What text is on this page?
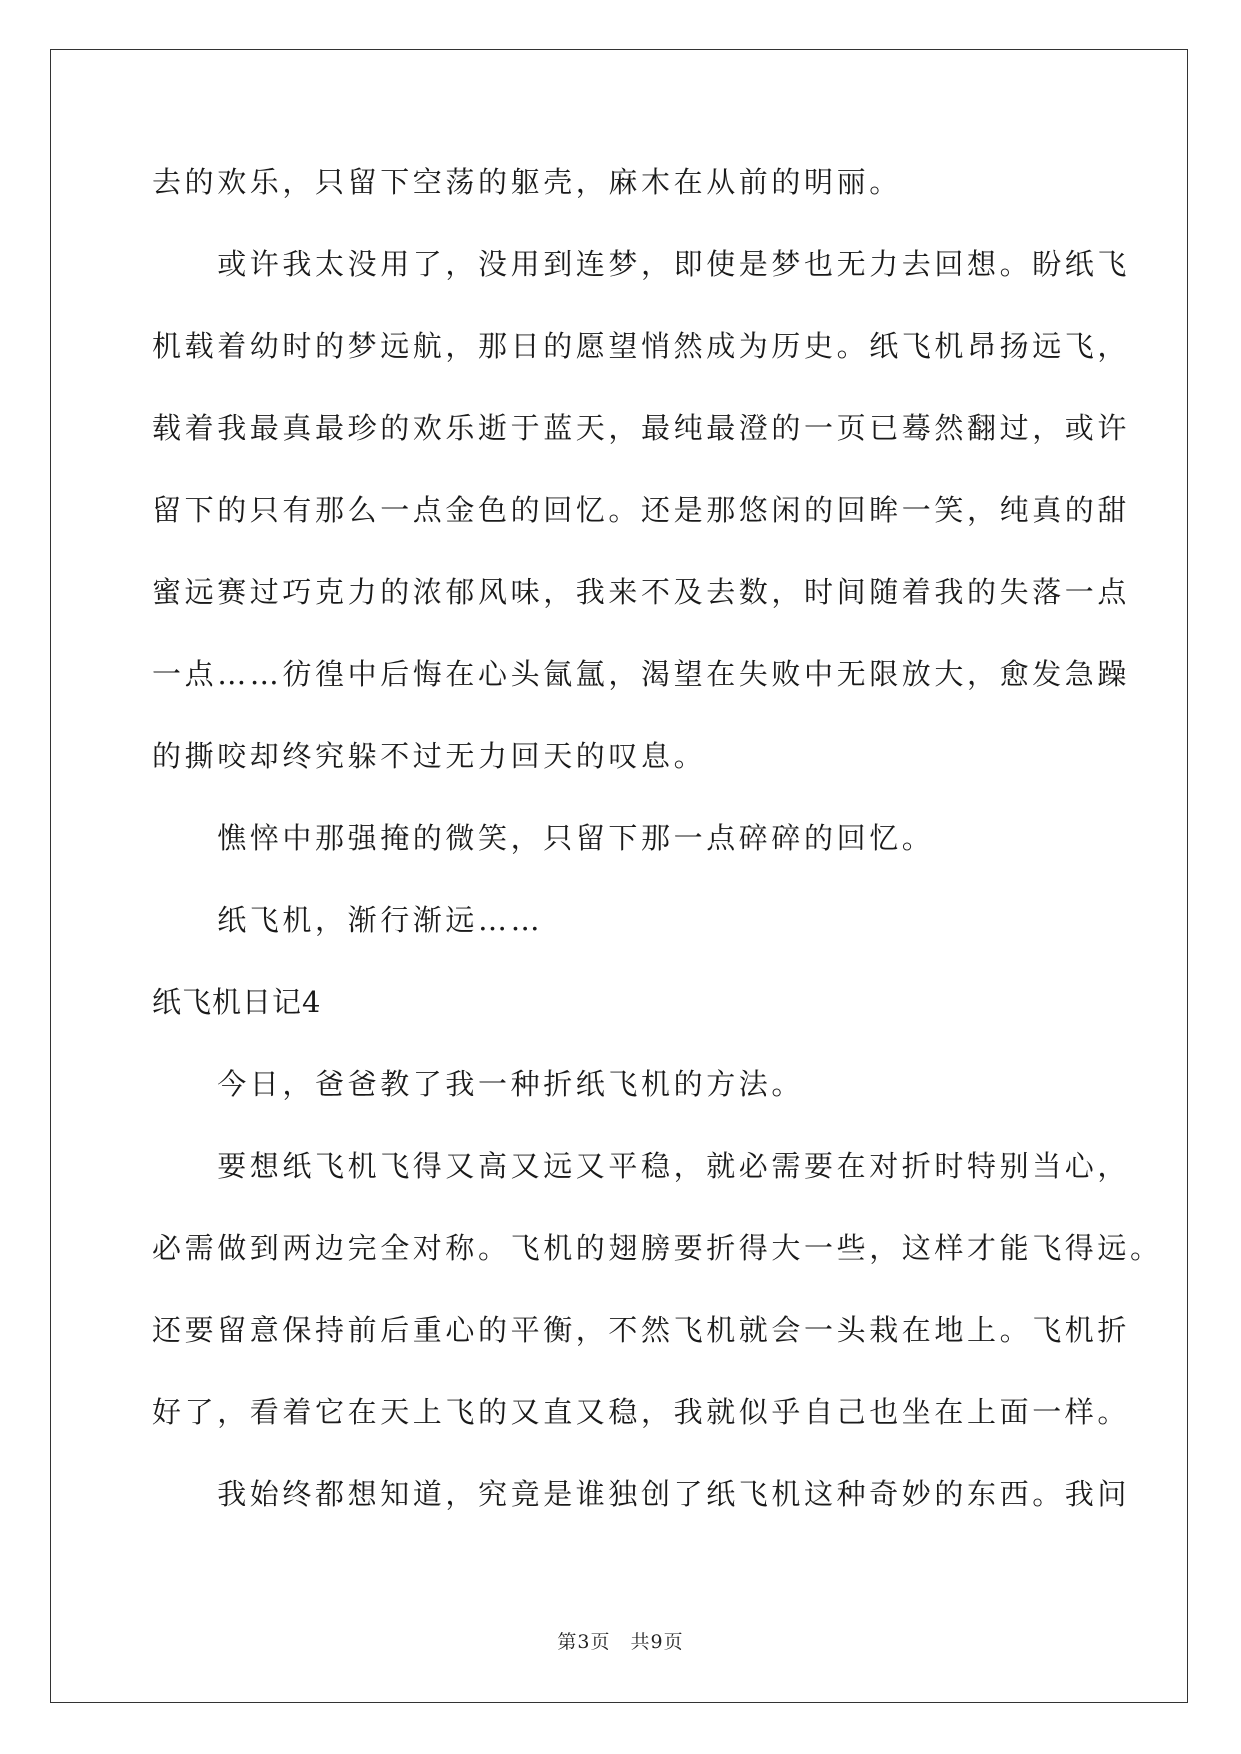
去的欢乐，只留下空荡的躯壳，麻木在从前的明丽。
　　或许我太没用了，没用到连梦，即使是梦也无力去回想。盼纸飞
机载着幼时的梦远航，那日的愿望悄然成为历史。纸飞机昂扬远飞，
载着我最真最珍的欢乐逝于蓝天，最纯最澄的一页已蓦然翻过，或许
留下的只有那么一点金色的回忆。还是那悠闲的回眸一笑，纯真的甜
蜜远赛过巧克力的浓郁风味，我来不及去数，时间随着我的失落一点
一点……彷徨中后悔在心头氤氲，渴望在失败中无限放大，愈发急躁
的撕咬却终究躲不过无力回天的叹息。
　　憔悴中那强掩的微笑，只留下那一点碎碎的回忆。
　　纸飞机，渐行渐远……
纸飞机日记4
　　今日，爸爸教了我一种折纸飞机的方法。
　　要想纸飞机飞得又高又远又平稳，就必需要在对折时特别当心，
必需做到两边完全对称。飞机的翅膀要折得大一些，这样才能飞得远。
还要留意保持前后重心的平衡，不然飞机就会一头栽在地上。飞机折
好了，看着它在天上飞的又直又稳，我就似乎自己也坐在上面一样。
　　我始终都想知道，究竟是谁独创了纸飞机这种奇妙的东西。我问
第3页　共9页
